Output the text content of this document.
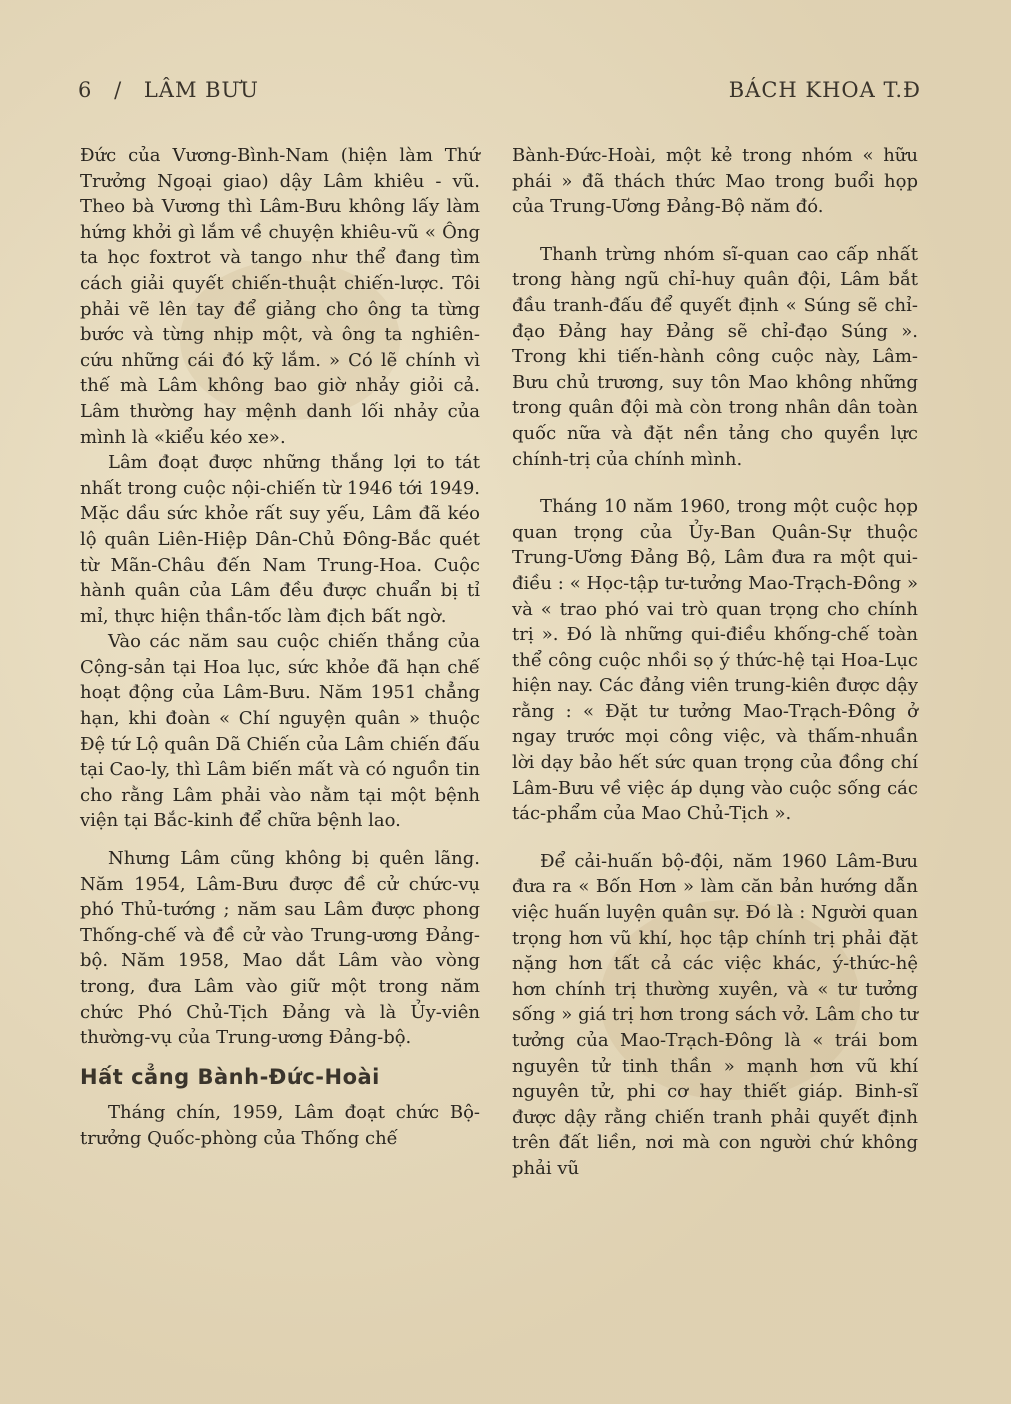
6 / LÂM BƯU	BÁCH KHOA T.Đ

Đức của Vương-Bình-Nam (hiện làm Thứ Trưởng Ngoại giao) dậy Lâm khiêu - vũ. Theo bà Vương thì Lâm-Bưu không lấy làm hứng khởi gì lắm về chuyện khiêu-vũ « Ông ta học foxtrot và tango như thể đang tìm cách giải quyết chiến-thuật chiến-lược. Tôi phải vẽ lên tay để giảng cho ông ta từng bước và từng nhịp một, và ông ta nghiên-cứu những cái đó kỹ lắm. » Có lẽ chính vì thế mà Lâm không bao giờ nhảy giỏi cả. Lâm thường hay mệnh danh lối nhảy của mình là «kiểu kéo xe».

Lâm đoạt được những thắng lợi to tát nhất trong cuộc nội-chiến từ 1946 tới 1949. Mặc dầu sức khỏe rất suy yếu, Lâm đã kéo lộ quân Liên-Hiệp Dân-Chủ Đông-Bắc quét từ Mãn-Châu đến Nam Trung-Hoa. Cuộc hành quân của Lâm đều được chuẩn bị tỉ mỉ, thực hiện thần-tốc làm địch bất ngờ.

Vào các năm sau cuộc chiến thắng của Cộng-sản tại Hoa lục, sức khỏe đã hạn chế hoạt động của Lâm-Bưu. Năm 1951 chẳng hạn, khi đoàn « Chí nguyện quân » thuộc Đệ tứ Lộ quân Dã Chiến của Lâm chiến đấu tại Cao-ly, thì Lâm biến mất và có nguồn tin cho rằng Lâm phải vào nằm tại một bệnh viện tại Bắc-kinh để chữa bệnh lao.

Nhưng Lâm cũng không bị quên lãng. Năm 1954, Lâm-Bưu được đề cử chức-vụ phó Thủ-tướng ; năm sau Lâm được phong Thống-chế và đề cử vào Trung-ương Đảng-bộ. Năm 1958, Mao dắt Lâm vào vòng trong, đưa Lâm vào giữ một trong năm chức Phó Chủ-Tịch Đảng và là Ủy-viên thường-vụ của Trung-ương Đảng-bộ.

Hất cẳng Bành-Đức-Hoài

Tháng chín, 1959, Lâm đoạt chức Bộ-trưởng Quốc-phòng của Thống chế

Bành-Đức-Hoài, một kẻ trong nhóm « hữu phái » đã thách thức Mao trong buổi họp của Trung-Ương Đảng-Bộ năm đó.

Thanh trừng nhóm sĩ-quan cao cấp nhất trong hàng ngũ chỉ-huy quân đội, Lâm bắt đầu tranh-đấu để quyết định « Súng sẽ chỉ-đạo Đảng hay Đảng sẽ chỉ-đạo Súng ». Trong khi tiến-hành công cuộc này, Lâm-Bưu chủ trương, suy tôn Mao không những trong quân đội mà còn trong nhân dân toàn quốc nữa và đặt nền tảng cho quyền lực chính-trị của chính mình.

Tháng 10 năm 1960, trong một cuộc họp quan trọng của Ủy-Ban Quân-Sự thuộc Trung-Ương Đảng Bộ, Lâm đưa ra một qui-điều : « Học-tập tư-tưởng Mao-Trạch-Đông » và « trao phó vai trò quan trọng cho chính trị ». Đó là những qui-điều khống-chế toàn thể công cuộc nhồi sọ ý thức-hệ tại Hoa-Lục hiện nay. Các đảng viên trung-kiên được dậy rằng : « Đặt tư tưởng Mao-Trạch-Đông ở ngay trước mọi công việc, và thấm-nhuần lời dạy bảo hết sức quan trọng của đồng chí Lâm-Bưu về việc áp dụng vào cuộc sống các tác-phẩm của Mao Chủ-Tịch ».

Để cải-huấn bộ-đội, năm 1960 Lâm-Bưu đưa ra « Bốn Hơn » làm căn bản hướng dẫn việc huấn luyện quân sự. Đó là : Người quan trọng hơn vũ khí, học tập chính trị phải đặt nặng hơn tất cả các việc khác, ý-thức-hệ hơn chính trị thường xuyên, và « tư tưởng sống » giá trị hơn trong sách vở. Lâm cho tư tưởng của Mao-Trạch-Đông là « trái bom nguyên tử tinh thần » mạnh hơn vũ khí nguyên tử, phi cơ hay thiết giáp. Binh-sĩ được dậy rằng chiến tranh phải quyết định trên đất liền, nơi mà con người chứ không phải vũ
